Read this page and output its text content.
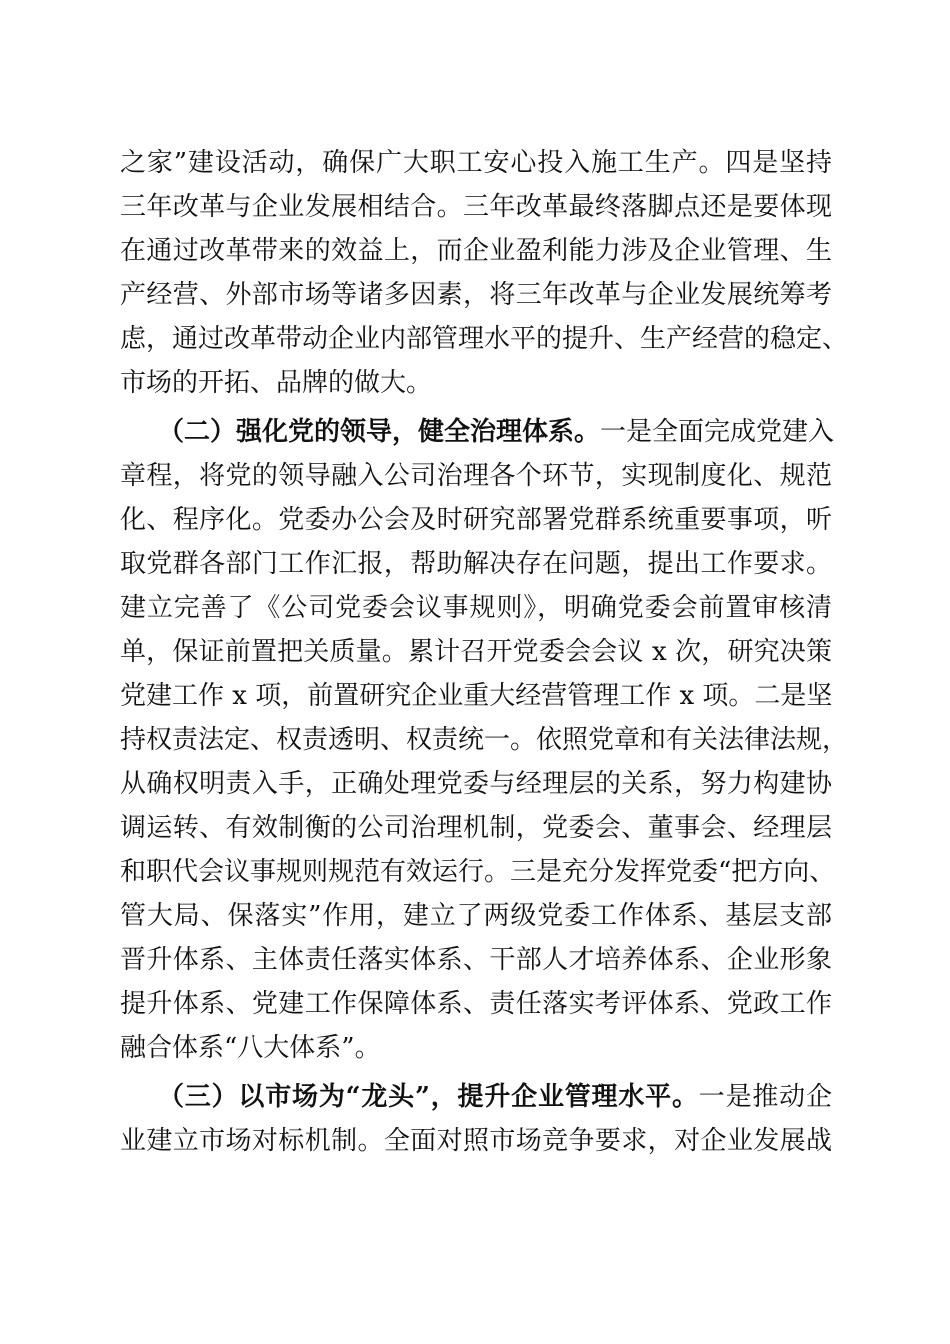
之家”建设活动，确保广大职工安心投入施工生产。四是坚持
三年改革与企业发展相结合。三年改革最终落脚点还是要体现
在通过改革带来的效益上，而企业盈利能力涉及企业管理、生
产经营、外部市场等诸多因素，将三年改革与企业发展统筹考
虑，通过改革带动企业内部管理水平的提升、生产经营的稳定、
市场的开拓、品牌的做大。
（二）强化党的领导，健全治理体系。一是全面完成党建入
章程，将党的领导融入公司治理各个环节，实现制度化、规范
化、程序化。党委办公会及时研究部署党群系统重要事项，听
取党群各部门工作汇报，帮助解决存在问题，提出工作要求。
建立完善了《公司党委会议事规则》，明确党委会前置审核清
单，保证前置把关质量。累计召开党委会会议 x 次，研究决策
党建工作 x 项，前置研究企业重大经营管理工作 x 项。二是坚
持权责法定、权责透明、权责统一。依照党章和有关法律法规，
从确权明责入手，正确处理党委与经理层的关系，努力构建协
调运转、有效制衡的公司治理机制，党委会、董事会、经理层
和职代会议事规则规范有效运行。三是充分发挥党委“把方向、
管大局、保落实”作用，建立了两级党委工作体系、基层支部
晋升体系、主体责任落实体系、干部人才培养体系、企业形象
提升体系、党建工作保障体系、责任落实考评体系、党政工作
融合体系“八大体系”。
（三）以市场为“龙头”，提升企业管理水平。一是推动企
业建立市场对标机制。全面对照市场竞争要求，对企业发展战
